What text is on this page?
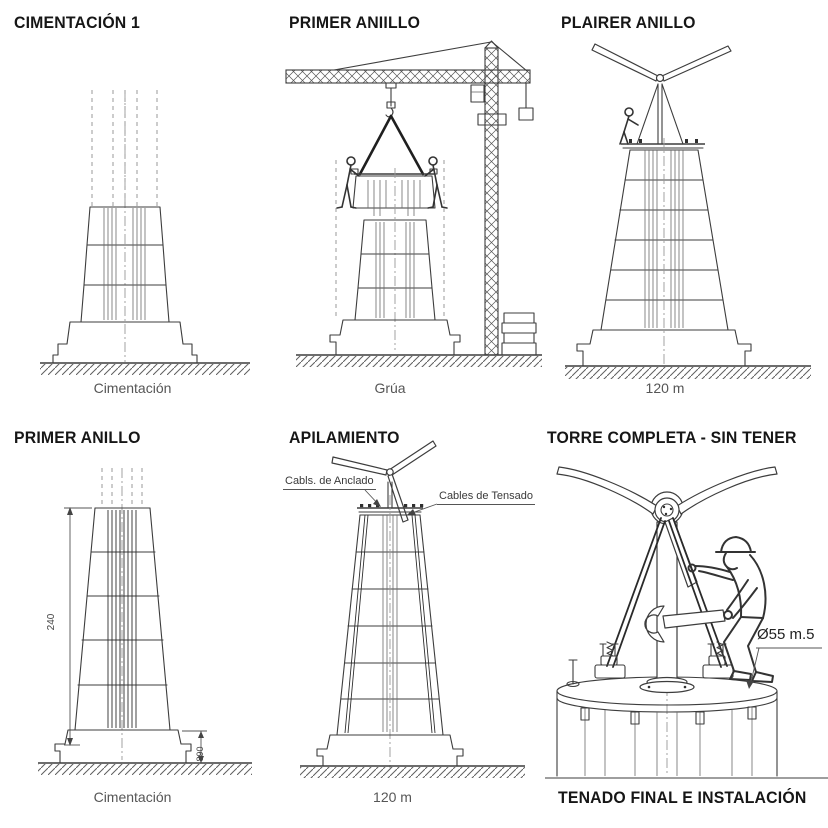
CIMENTACIÓN 1
Cimentación
PRIMER ANIILLO
Grúa
PLAIRER ANILLO
120 m
PRIMER ANILLO
240
890
Cimentación
APILAMIENTO
Cabls. de Anclado
Cables de Tensado
120 m
TORRE COMPLETA - SIN TENER
Ø55 m.5
TENADO FINAL E INSTALACIÓN
